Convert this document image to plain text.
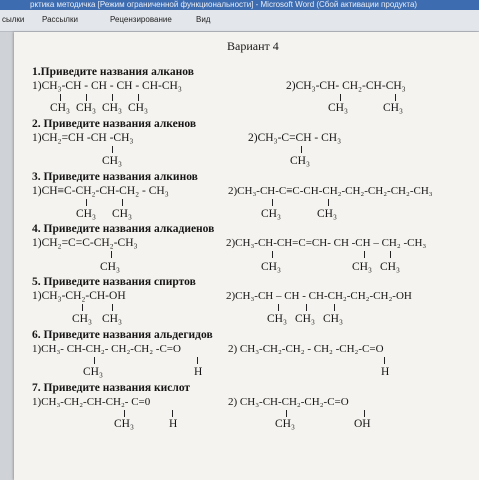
рктика методичка [Режим ограниченной функциональности] - Microsoft Word (Сбой активации продукта)
сылки Рассылки	Рецензирование	Вид
Вариант 4
1.Приведите названия алканов
1)CH₃-CH - CH - CH - CH-CH₃
CH₃ CH₃ CH₃ CH₃
2)CH₃-CH- CH₂-CH-CH₃
CH₃	CH₃
2. Приведите названия алкенов
1)CH₂=CH -CH -CH₃
CH₃
2)CH₃-C=CH - CH₃
CH₃
3. Приведите названия алкинов
1)CH≡C-CH₂-CH-CH₂ - CH₃
CH₃ CH₃
2)CH₃-CH-C≡C-CH-CH₂-CH₂-CH₂-CH₂-CH₃
CH₃	CH₃
4. Приведите названия алкадиенов
1)CH₂=C=C-CH₂-CH₃
CH₃
2)CH₃-CH-CH=C=CH- CH -CH – CH₂ -CH₃
CH₃	CH₃ CH₃
5. Приведите названия спиртов
1)CH₃-CH₂-CH-OH
CH₃ CH₃
2)CH₃-CH – CH - CH-CH₂-CH₂-CH₂-OH
CH₃ CH₃ CH₃
6. Приведите названия альдегидов
1)CH₃- CH-CH₂- CH₂-CH₂ -C=O
CH₃	H
2) CH₃-CH₂-CH₂ - CH₂ -CH₂-C=O
H
7. Приведите названия кислот
1)CH₃-CH₂-CH-CH₂- C=0
CH₃	H
2) CH₃-CH-CH₂-CH₂-C=O
CH₃	OH
